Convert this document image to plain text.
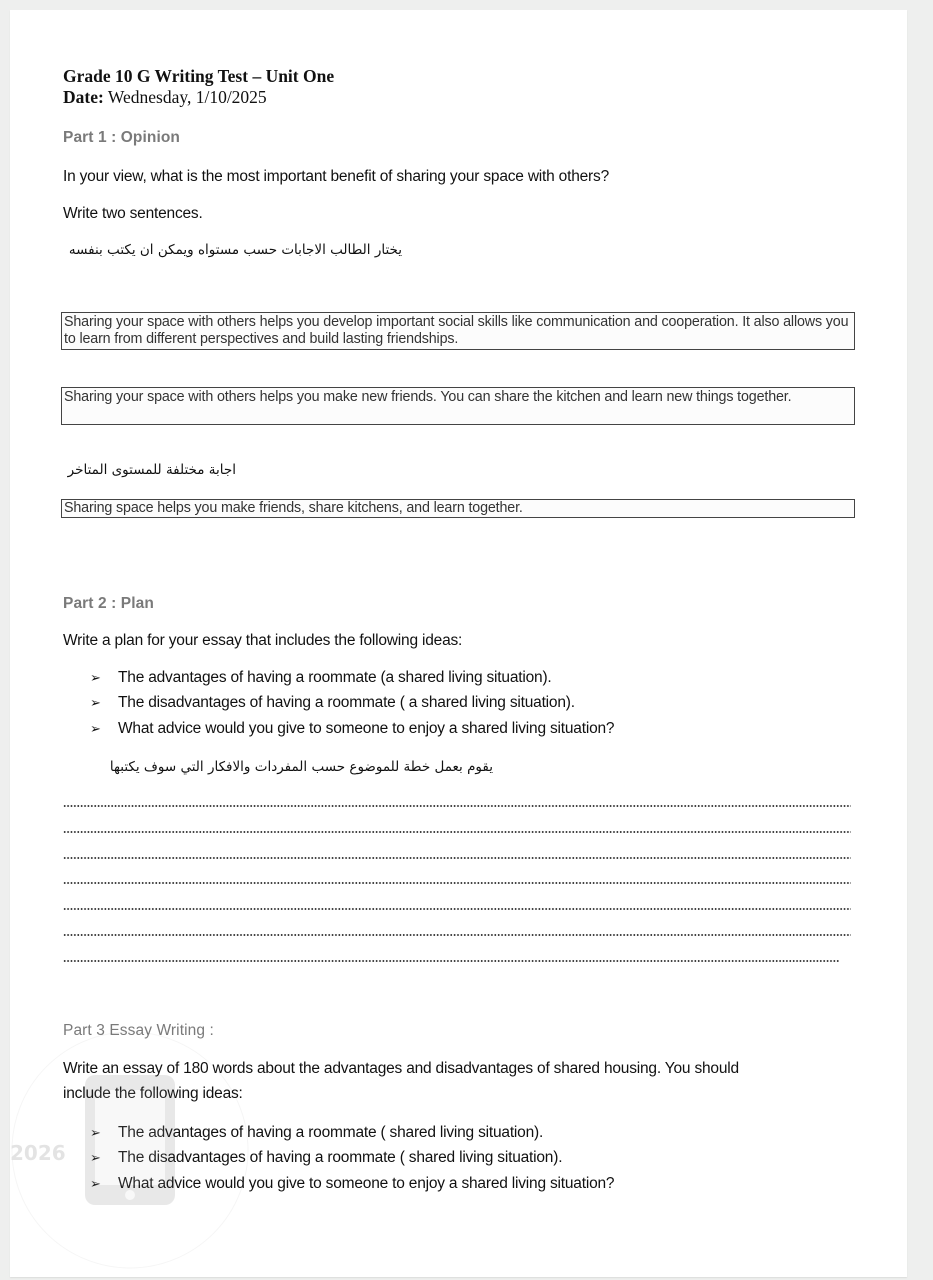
Grade 10 G Writing Test – Unit One
Date: Wednesday, 1/10/2025
Part 1 : Opinion
In your view, what is the most important benefit of sharing your space with others?
Write two sentences.
يختار الطالب الاجابات حسب مستواه ويمكن ان يكتب بنفسه
Sharing your space with others helps you develop important social skills like communication and cooperation. It also allows you to learn from different perspectives and build lasting friendships.
Sharing your space with others helps you make new friends. You can share the kitchen and learn new things together.
اجابة مختلفة للمستوى المتاخر
Sharing space helps you make friends, share kitchens, and learn together.
Part 2 : Plan
Write a plan for your essay that includes the following ideas:
➢	The advantages of having a roommate (a shared living situation).
➢	The disadvantages of having a roommate ( a shared living situation).
➢	What advice would you give to someone to enjoy a shared living situation?
يقوم بعمل خطة للموضوع حسب المفردات والافكار التي سوف يكتبها
Part 3 Essay Writing :
Write an essay of 180 words about the advantages and disadvantages of shared housing. You should
include the following ideas:
➢	The advantages of having a roommate ( shared living situation).
➢	The disadvantages of having a roommate ( shared living situation).
➢	What advice would you give to someone to enjoy a shared living situation?
2026
